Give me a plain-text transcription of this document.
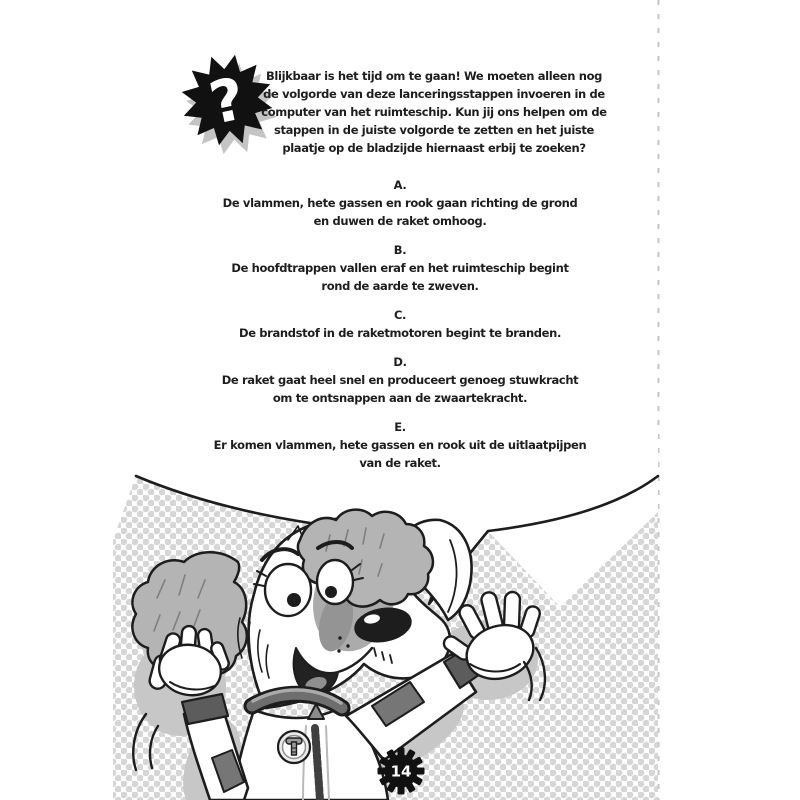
?
14
Blijkbaar is het tijd om te gaan! We moeten alleen nog
de volgorde van deze lanceringsstappen invoeren in de
computer van het ruimteschip. Kun jij ons helpen om de
stappen in de juiste volgorde te zetten en het juiste
plaatje op de bladzijde hiernaast erbij te zoeken?
A.
De vlammen, hete gassen en rook gaan richting de grond
en duwen de raket omhoog.
B.
De hoofdtrappen vallen eraf en het ruimteschip begint
rond de aarde te zweven.
C.
De brandstof in de raketmotoren begint te branden.
D.
De raket gaat heel snel en produceert genoeg stuwkracht
om te ontsnappen aan de zwaartekracht.
E.
Er komen vlammen, hete gassen en rook uit de uitlaatpijpen
van de raket.
